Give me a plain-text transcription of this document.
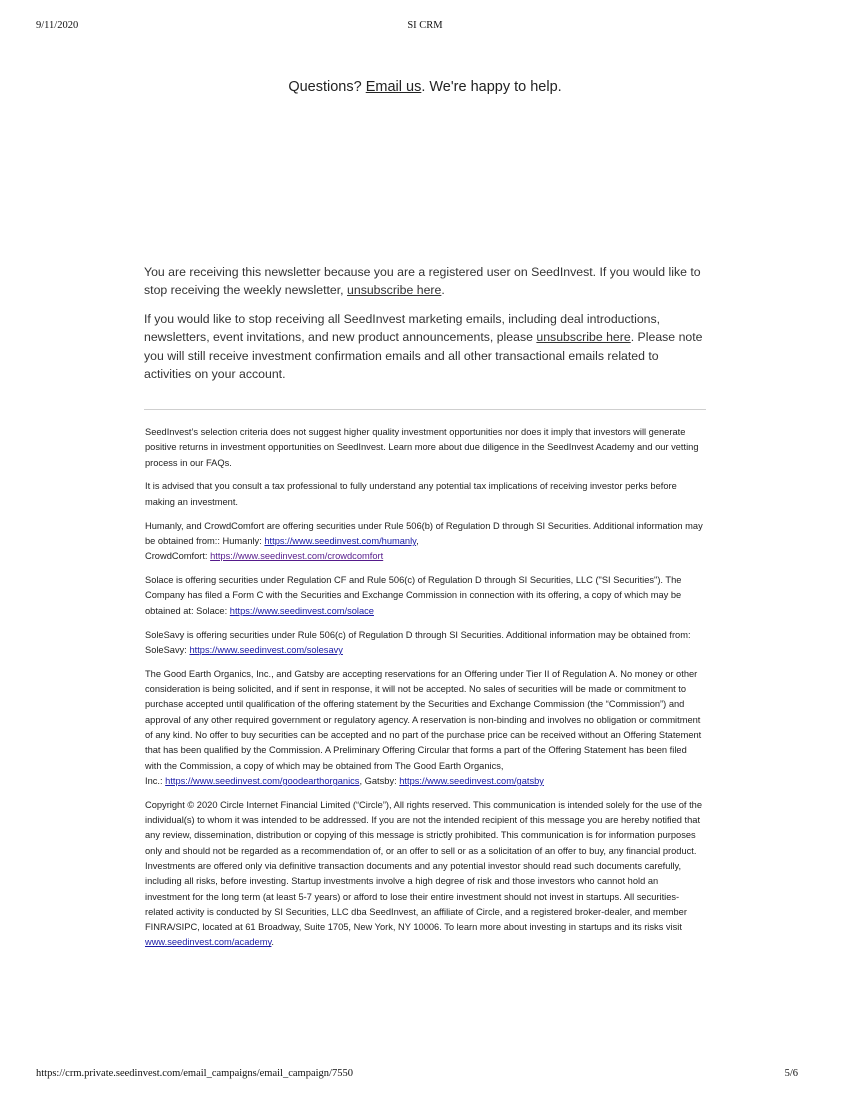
9/11/2020	SI CRM
Questions? Email us. We're happy to help.

You are receiving this newsletter because you are a registered user on SeedInvest. If you would like to stop receiving the weekly newsletter, unsubscribe here.

If you would like to stop receiving all SeedInvest marketing emails, including deal introductions, newsletters, event invitations, and new product announcements, please unsubscribe here. Please note you will still receive investment confirmation emails and all other transactional emails related to activities on your account.

SeedInvest’s selection criteria does not suggest higher quality investment opportunities nor does it imply that investors will generate positive returns in investment opportunities on SeedInvest. Learn more about due diligence in the SeedInvest Academy and our vetting process in our FAQs.

It is advised that you consult a tax professional to fully understand any potential tax implications of receiving investor perks before making an investment.

Humanly, and CrowdComfort are offering securities under Rule 506(b) of Regulation D through SI Securities. Additional information may be obtained from:: Humanly: https://www.seedinvest.com/humanly,
CrowdComfort: https://www.seedinvest.com/crowdcomfort

Solace is offering securities under Regulation CF and Rule 506(c) of Regulation D through SI Securities, LLC ("SI Securities"). The Company has filed a Form C with the Securities and Exchange Commission in connection with its offering, a copy of which may be obtained at: Solace: https://www.seedinvest.com/solace

SoleSavy is offering securities under Rule 506(c) of Regulation D through SI Securities. Additional information may be obtained from: SoleSavy: https://www.seedinvest.com/solesavy

The Good Earth Organics, Inc., and Gatsby are accepting reservations for an Offering under Tier II of Regulation A. No money or other consideration is being solicited, and if sent in response, it will not be accepted. No sales of securities will be made or commitment to purchase accepted until qualification of the offering statement by the Securities and Exchange Commission (the “Commission”) and approval of any other required government or regulatory agency. A reservation is non-binding and involves no obligation or commitment of any kind. No offer to buy securities can be accepted and no part of the purchase price can be received without an Offering Statement that has been qualified by the Commission. A Preliminary Offering Circular that forms a part of the Offering Statement has been filed with the Commission, a copy of which may be obtained from The Good Earth Organics,
Inc.: https://www.seedinvest.com/goodearthorganics, Gatsby: https://www.seedinvest.com/gatsby

Copyright © 2020 Circle Internet Financial Limited (“Circle”), All rights reserved. This communication is intended solely for the use of the individual(s) to whom it was intended to be addressed. If you are not the intended recipient of this message you are hereby notified that any review, dissemination, distribution or copying of this message is strictly prohibited. This communication is for information purposes only and should not be regarded as a recommendation of, or an offer to sell or as a solicitation of an offer to buy, any financial product. Investments are offered only via definitive transaction documents and any potential investor should read such documents carefully, including all risks, before investing. Startup investments involve a high degree of risk and those investors who cannot hold an investment for the long term (at least 5-7 years) or afford to lose their entire investment should not invest in startups. All securities-related activity is conducted by SI Securities, LLC dba SeedInvest, an affiliate of Circle, and a registered broker-dealer, and member FINRA/SIPC, located at 61 Broadway, Suite 1705, New York, NY 10006. To learn more about investing in startups and its risks visit www.seedinvest.com/academy.

https://crm.private.seedinvest.com/email_campaigns/email_campaign/7550	5/6
